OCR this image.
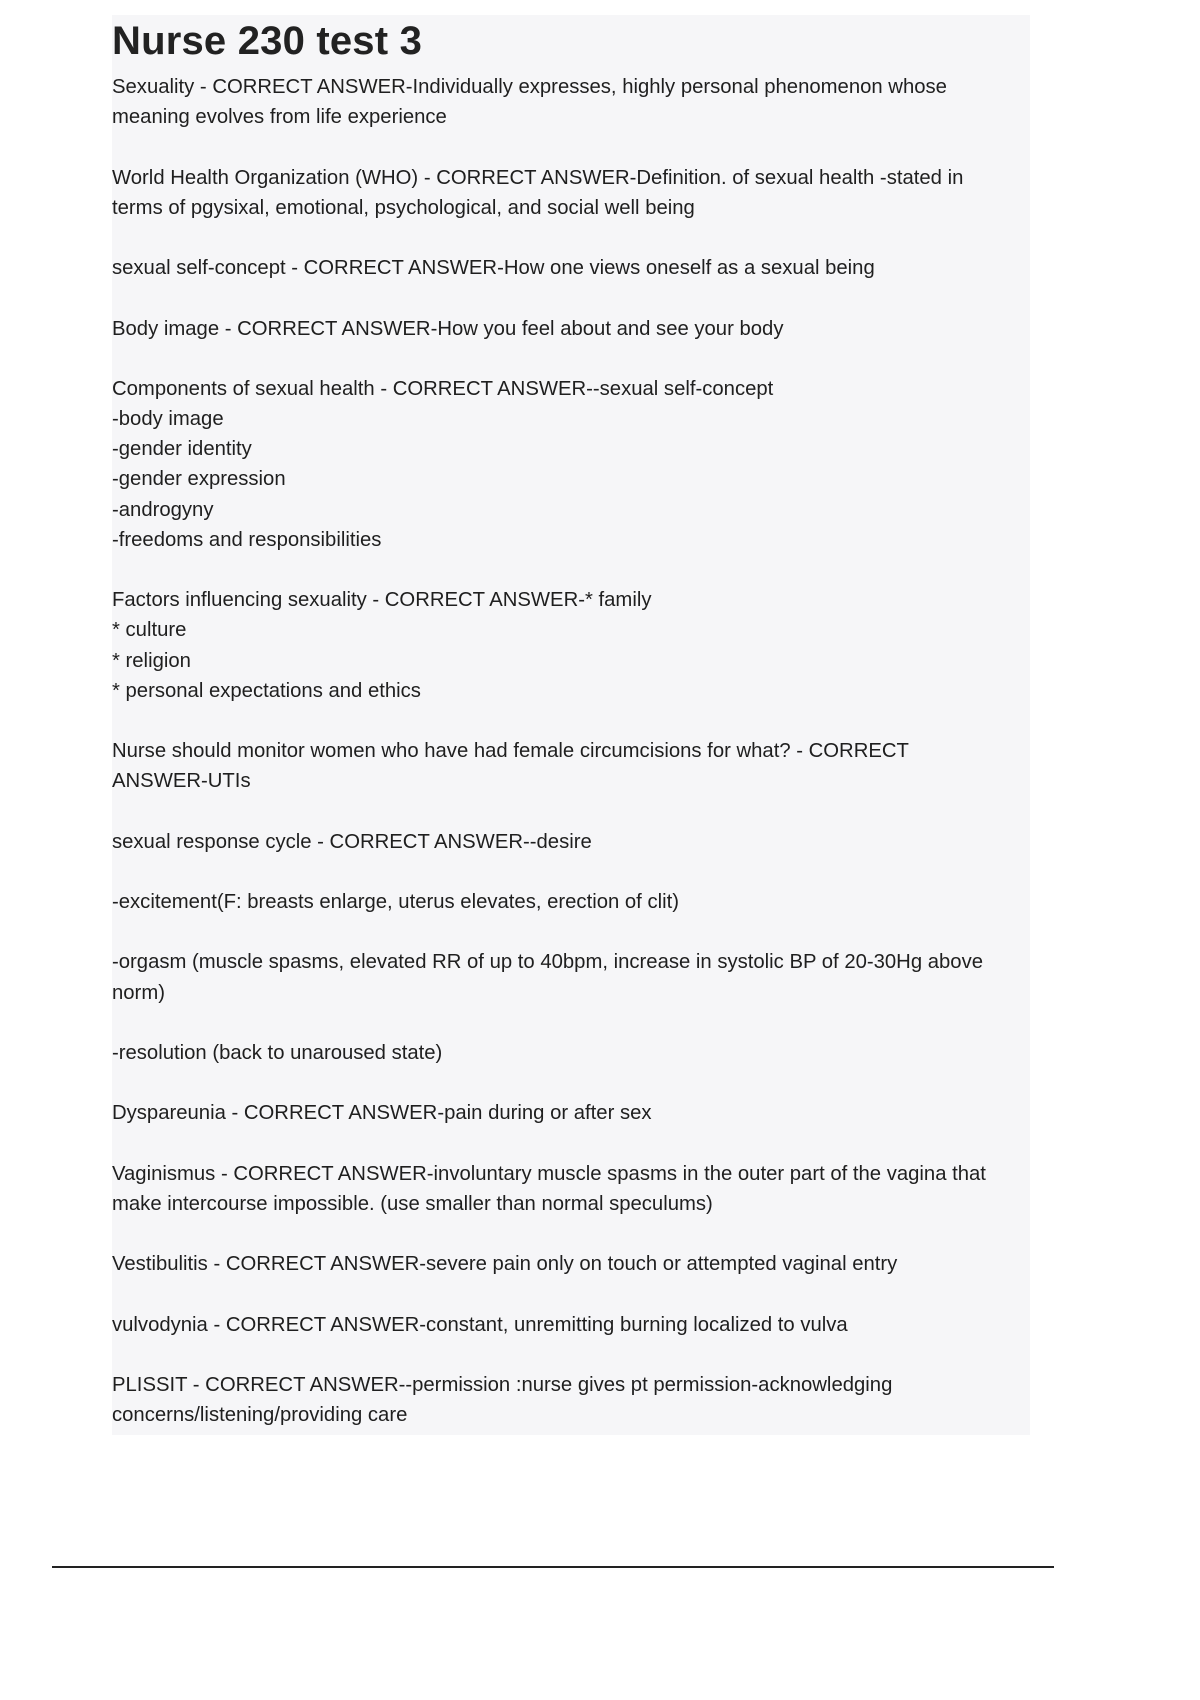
Nurse 230 test 3
Sexuality - CORRECT ANSWER-Individually expresses, highly personal phenomenon whose
meaning evolves from life experience
World Health Organization (WHO) - CORRECT ANSWER-Definition. of sexual health -stated in
terms of pgysixal, emotional, psychological, and social well being
sexual self-concept - CORRECT ANSWER-How one views oneself as a sexual being
Body image - CORRECT ANSWER-How you feel about and see your body
Components of sexual health - CORRECT ANSWER--sexual self-concept
-body image
-gender identity
-gender expression
-androgyny
-freedoms and responsibilities
Factors influencing sexuality - CORRECT ANSWER-* family
* culture
* religion
* personal expectations and ethics
Nurse should monitor women who have had female circumcisions for what? - CORRECT
ANSWER-UTIs
sexual response cycle - CORRECT ANSWER--desire
-excitement(F: breasts enlarge, uterus elevates, erection of clit)
-orgasm (muscle spasms, elevated RR of up to 40bpm, increase in systolic BP of 20-30Hg above
norm)
-resolution (back to unaroused state)
Dyspareunia - CORRECT ANSWER-pain during or after sex
Vaginismus - CORRECT ANSWER-involuntary muscle spasms in the outer part of the vagina that
make intercourse impossible. (use smaller than normal speculums)
Vestibulitis - CORRECT ANSWER-severe pain only on touch or attempted vaginal entry
vulvodynia - CORRECT ANSWER-constant, unremitting burning localized to vulva
PLISSIT - CORRECT ANSWER--permission :nurse gives pt permission-acknowledging
concerns/listening/providing care
